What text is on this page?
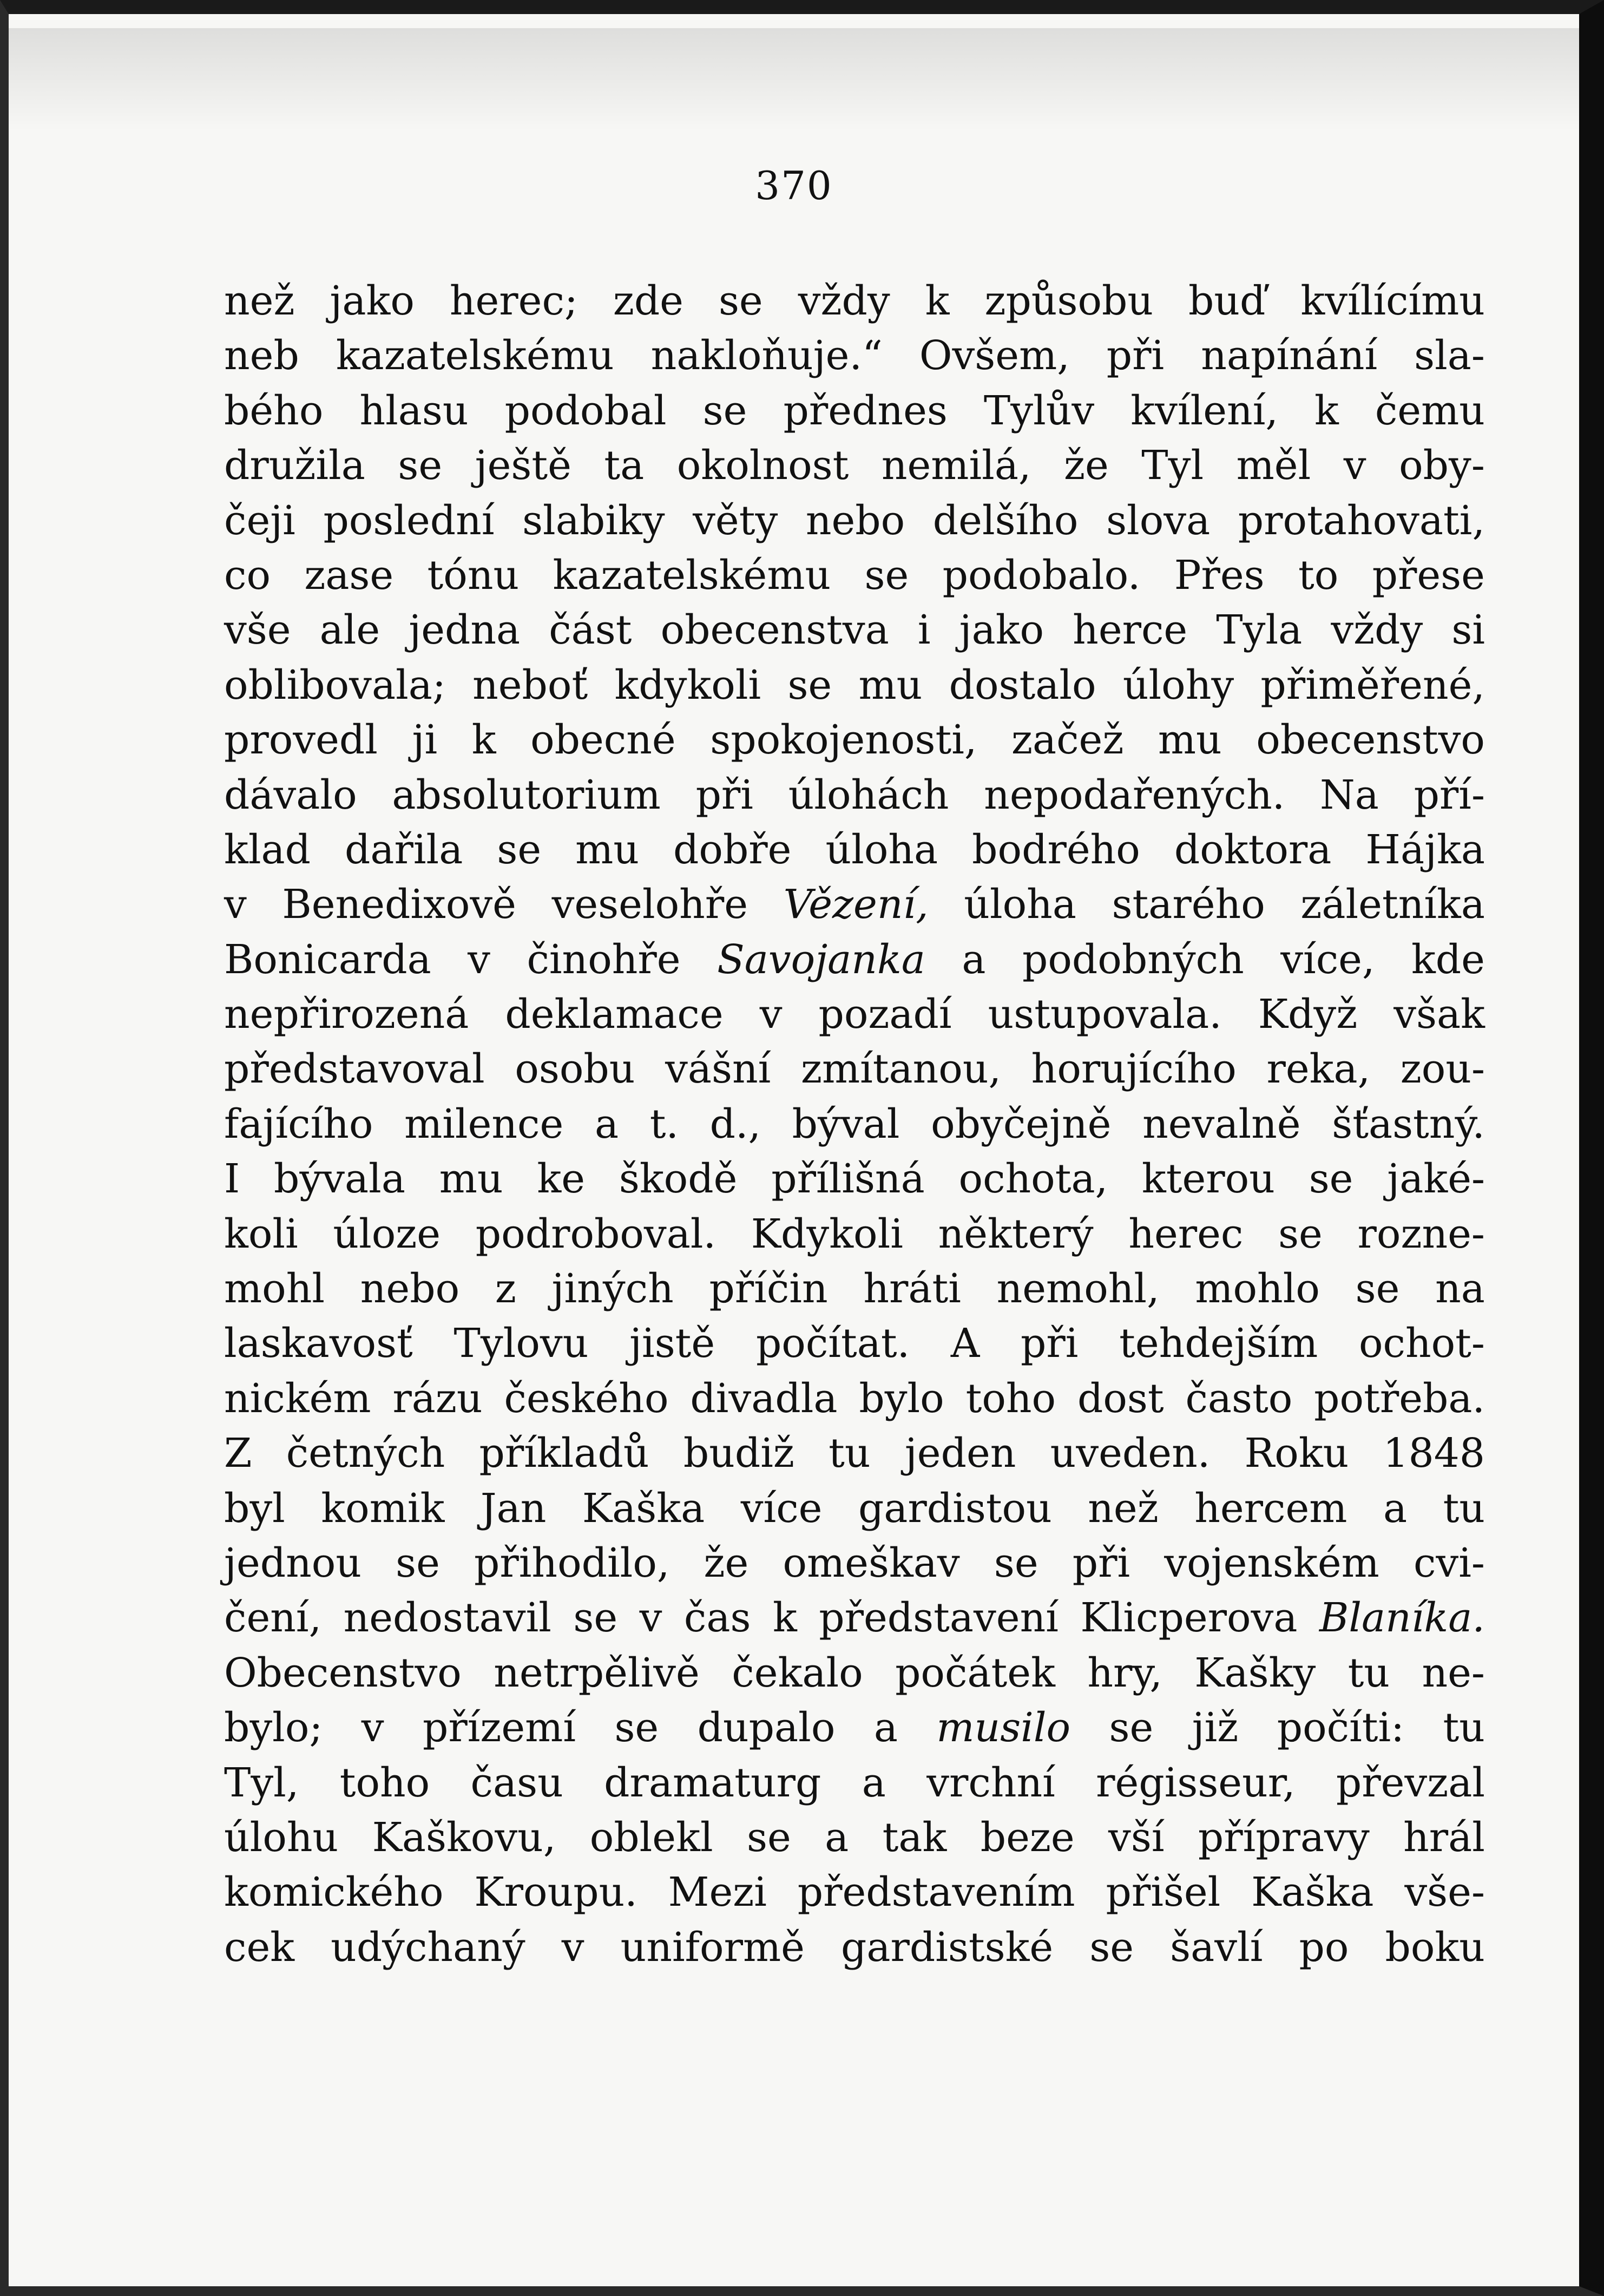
370
než jako herec; zde se vždy k způsobu buď kvílícímu
neb kazatelskému nakloňuje.“ Ovšem, při napínání sla-
bého hlasu podobal se přednes Tylův kvílení, k čemu
družila se ještě ta okolnost nemilá, že Tyl měl v oby-
čeji poslední slabiky věty nebo delšího slova protahovati,
co zase tónu kazatelskému se podobalo. Přes to přese
vše ale jedna část obecenstva i jako herce Tyla vždy si
oblibovala; neboť kdykoli se mu dostalo úlohy přiměřené,
provedl ji k obecné spokojenosti, začež mu obecenstvo
dávalo absolutorium při úlohách nepodařených. Na pří-
klad dařila se mu dobře úloha bodrého doktora Hájka
v Benedixově veselohře Vězení, úloha starého záletníka
Bonicarda v činohře Savojanka a podobných více, kde
nepřirozená deklamace v pozadí ustupovala. Když však
představoval osobu vášní zmítanou, horujícího reka, zou-
fajícího milence a t. d., býval obyčejně nevalně šťastný.
I bývala mu ke škodě přílišná ochota, kterou se jaké-
koli úloze podroboval. Kdykoli některý herec se rozne-
mohl nebo z jiných příčin hráti nemohl, mohlo se na
laskavosť Tylovu jistě počítat. A při tehdejším ochot-
nickém rázu českého divadla bylo toho dost často potřeba.
Z četných příkladů budiž tu jeden uveden. Roku 1848
byl komik Jan Kaška více gardistou než hercem a tu
jednou se přihodilo, že omeškav se při vojenském cvi-
čení, nedostavil se v čas k představení Klicperova Blaníka.
Obecenstvo netrpělivě čekalo počátek hry, Kašky tu ne-
bylo; v přízemí se dupalo a musilo se již počíti: tu
Tyl, toho času dramaturg a vrchní régisseur, převzal
úlohu Kaškovu, oblekl se a tak beze vší přípravy hrál
komického Kroupu. Mezi představením přišel Kaška vše-
cek udýchaný v uniformě gardistské se šavlí po boku
